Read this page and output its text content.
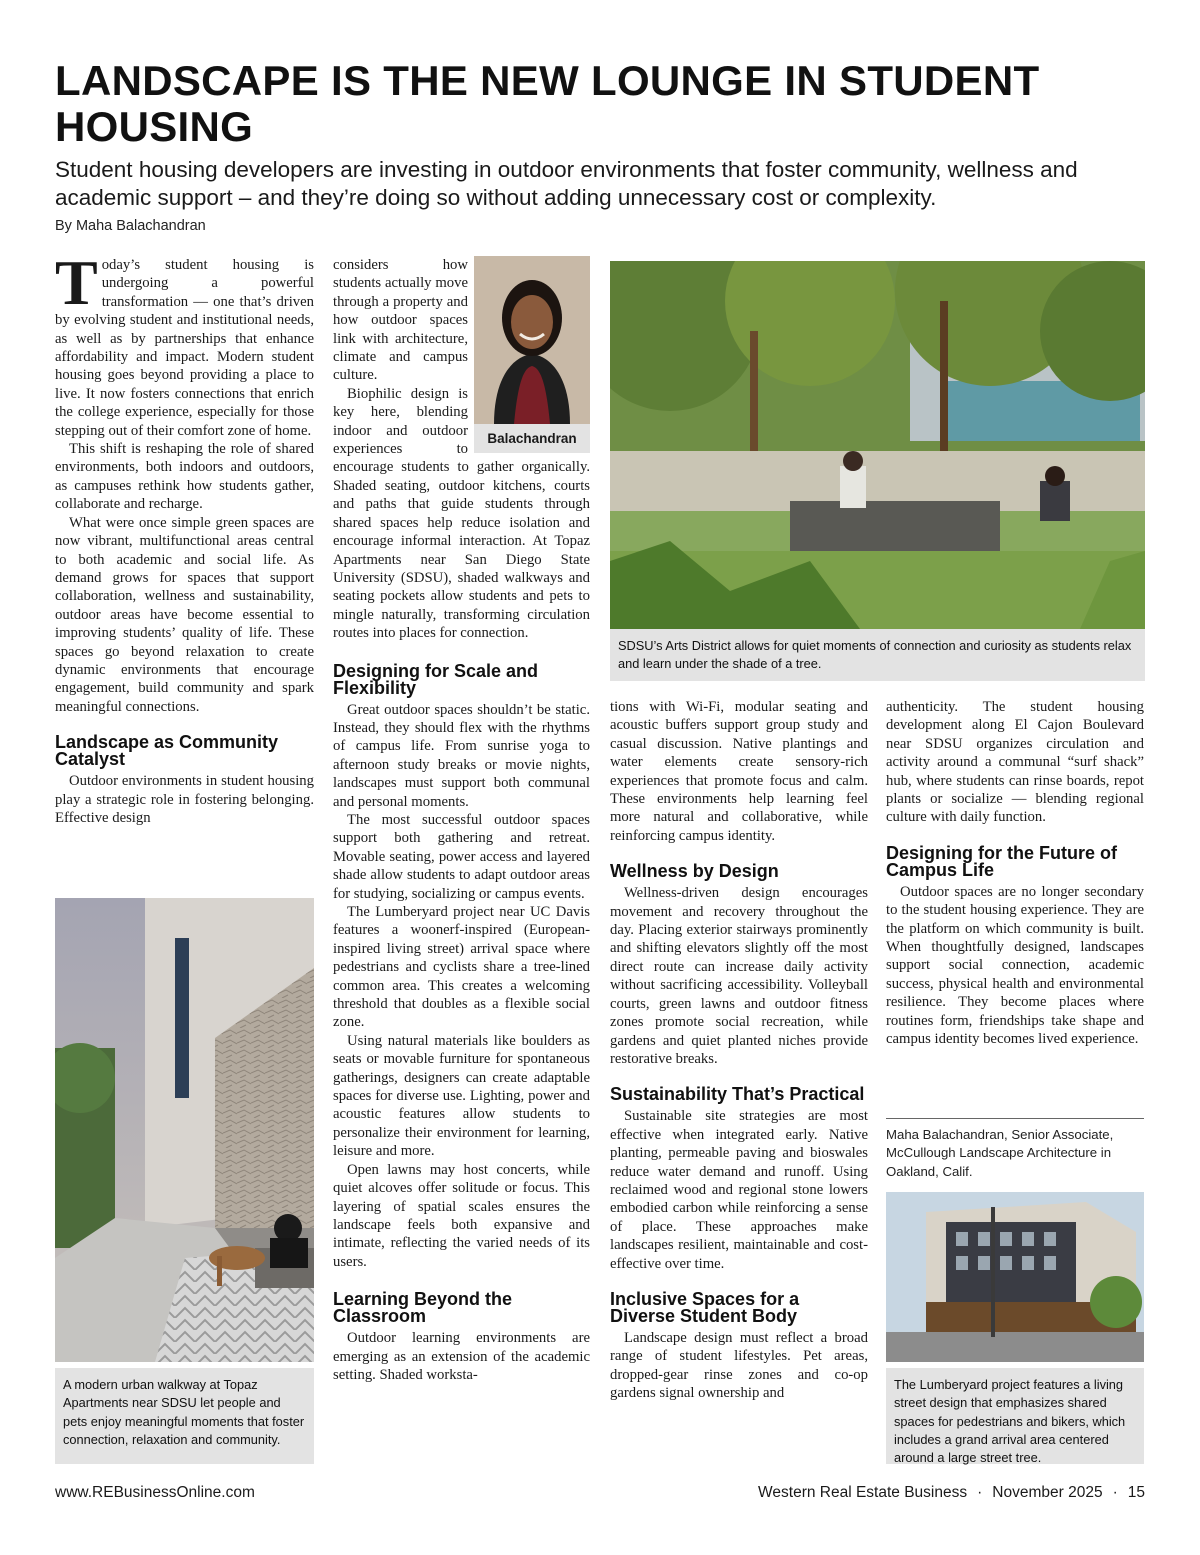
LANDSCAPE IS THE NEW LOUNGE IN STUDENT HOUSING
Student housing developers are investing in outdoor environments that foster community, wellness and academic support – and they’re doing so without adding unnecessary cost or complexity.
By Maha Balachandran

Today’s student housing is undergoing a powerful transformation — one that’s driven by evolving student and institutional needs, as well as by partnerships that enhance affordability and impact. Modern student housing goes beyond providing a place to live. It now fosters connections that enrich the college experience, especially for those stepping out of their comfort zone of home.

This shift is reshaping the role of shared environments, both indoors and outdoors, as campuses rethink how students gather, collaborate and recharge.

What were once simple green spaces are now vibrant, multifunctional areas central to both academic and social life. As demand grows for spaces that support collaboration, wellness and sustainability, outdoor areas have become essential to improving students’ quality of life. These spaces go beyond relaxation to create dynamic environments that encourage engagement, build community and spark meaningful connections.

Landscape as Community Catalyst

Outdoor environments in student housing play a strategic role in fostering belonging. Effective design

A modern urban walkway at Topaz Apartments near SDSU let people and pets enjoy meaningful moments that foster connection, relaxation and community.
Balachandran

considers how students actually move through a property and how outdoor spaces link with architecture, climate and campus culture.

Biophilic design is key here, blending indoor and outdoor experiences to encourage students to gather organically. Shaded seating, outdoor kitchens, courts and paths that guide students through shared spaces help reduce isolation and encourage informal interaction. At Topaz Apartments near San Diego State University (SDSU), shaded walkways and seating pockets allow students and pets to mingle naturally, transforming circulation routes into places for connection.

Designing for Scale and Flexibility

Great outdoor spaces shouldn’t be static. Instead, they should flex with the rhythms of campus life. From sunrise yoga to afternoon study breaks or movie nights, landscapes must support both communal and personal moments.

The most successful outdoor spaces support both gathering and retreat. Movable seating, power access and layered shade allow students to adapt outdoor areas for studying, socializing or campus events.

The Lumberyard project near UC Davis features a woonerf-inspired (European-inspired living street) arrival space where pedestrians and cyclists share a tree-lined common area. This creates a welcoming threshold that doubles as a flexible social zone.

Using natural materials like boulders as seats or movable furniture for spontaneous gatherings, designers can create adaptable spaces for diverse use. Lighting, power and acoustic features allow students to personalize their environment for learning, leisure and more.

Open lawns may host concerts, while quiet alcoves offer solitude or focus. This layering of spatial scales ensures the landscape feels both expansive and intimate, reflecting the varied needs of its users.

Learning Beyond the Classroom

Outdoor learning environments are emerging as an extension of the academic setting. Shaded worksta-

SDSU’s Arts District allows for quiet moments of connection and curiosity as students relax and learn under the shade of a tree.

tions with Wi-Fi, modular seating and acoustic buffers support group study and casual discussion. Native plantings and water elements create sensory-rich experiences that promote focus and calm. These environments help learning feel more natural and collaborative, while reinforcing campus identity.

Wellness by Design

Wellness-driven design encourages movement and recovery throughout the day. Placing exterior stairways prominently and shifting elevators slightly off the most direct route can increase daily activity without sacrificing accessibility. Volleyball courts, green lawns and outdoor fitness zones promote social recreation, while gardens and quiet planted niches provide restorative breaks.

Sustainability That’s Practical

Sustainable site strategies are most effective when integrated early. Native planting, permeable paving and bioswales reduce water demand and runoff. Using reclaimed wood and regional stone lowers embodied carbon while reinforcing a sense of place. These approaches make landscapes resilient, maintainable and cost-effective over time.

Inclusive Spaces for a Diverse Student Body

Landscape design must reflect a broad range of student lifestyles. Pet areas, dropped-gear rinse zones and co-op gardens signal ownership and

authenticity. The student housing development along El Cajon Boulevard near SDSU organizes circulation and activity around a communal “surf shack” hub, where students can rinse boards, repot plants or socialize — blending regional culture with daily function.

Designing for the Future of Campus Life

Outdoor spaces are no longer secondary to the student housing experience. They are the platform on which community is built. When thoughtfully designed, landscapes support social connection, academic success, physical health and environmental resilience. They become places where routines form, friendships take shape and campus identity becomes lived experience.

Maha Balachandran, Senior Associate, McCullough Landscape Architecture in Oakland, Calif.
The Lumberyard project features a living street design that emphasizes shared spaces for pedestrians and bikers, which includes a grand arrival area centered around a large street tree.
www.REBusinessOnline.com	Western Real Estate Business · November 2025 · 15
